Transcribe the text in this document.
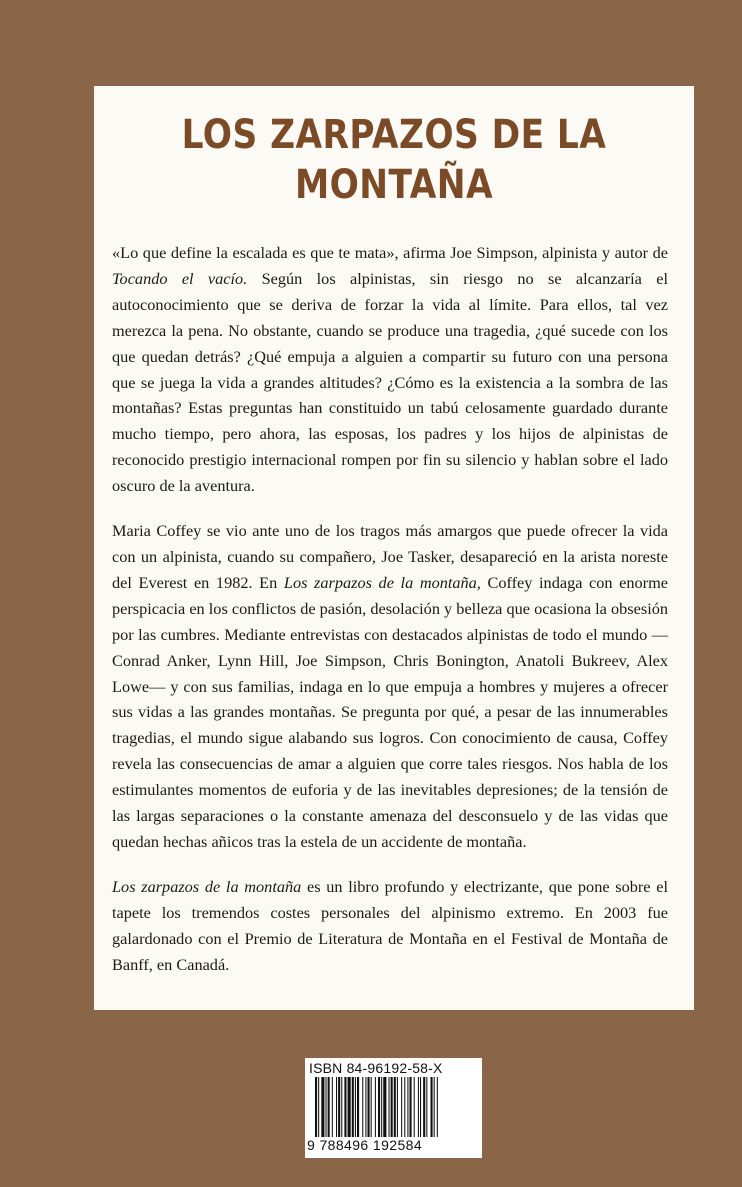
LOS ZARPAZOS DE LA
MONTAÑA

«Lo que define la escalada es que te mata», afirma Joe Simpson, alpinista y autor de Tocando el vacío. Según los alpinistas, sin riesgo no se alcanzaría el autoconocimiento que se deriva de forzar la vida al límite. Para ellos, tal vez merezca la pena. No obstante, cuando se produce una tragedia, ¿qué sucede con los que quedan detrás? ¿Qué empuja a alguien a compartir su futuro con una persona que se juega la vida a grandes altitudes? ¿Cómo es la existencia a la sombra de las montañas? Estas preguntas han constituido un tabú celosamente guardado durante mucho tiempo, pero ahora, las esposas, los padres y los hijos de alpinistas de reconocido prestigio internacional rompen por fin su silencio y hablan sobre el lado oscuro de la aventura.

Maria Coffey se vio ante uno de los tragos más amargos que puede ofrecer la vida con un alpinista, cuando su compañero, Joe Tasker, desapareció en la arista noreste del Everest en 1982. En Los zarpazos de la montaña, Coffey indaga con enorme perspicacia en los conflictos de pasión, desolación y belleza que ocasiona la obsesión por las cumbres. Mediante entrevistas con destacados alpinistas de todo el mundo —Conrad Anker, Lynn Hill, Joe Simpson, Chris Bonington, Anatoli Bukreev, Alex Lowe— y con sus familias, indaga en lo que empuja a hombres y mujeres a ofrecer sus vidas a las grandes montañas. Se pregunta por qué, a pesar de las innumerables tragedias, el mundo sigue alabando sus logros. Con conocimiento de causa, Coffey revela las consecuencias de amar a alguien que corre tales riesgos. Nos habla de los estimulantes momentos de euforia y de las inevitables depresiones; de la tensión de las largas separaciones o la constante amenaza del desconsuelo y de las vidas que quedan hechas añicos tras la estela de un accidente de montaña.

Los zarpazos de la montaña es un libro profundo y electrizante, que pone sobre el tapete los tremendos costes personales del alpinismo extremo. En 2003 fue galardonado con el Premio de Literatura de Montaña en el Festival de Montaña de Banff, en Canadá.

ISBN 84-96192-58-X
9 788496 192584
